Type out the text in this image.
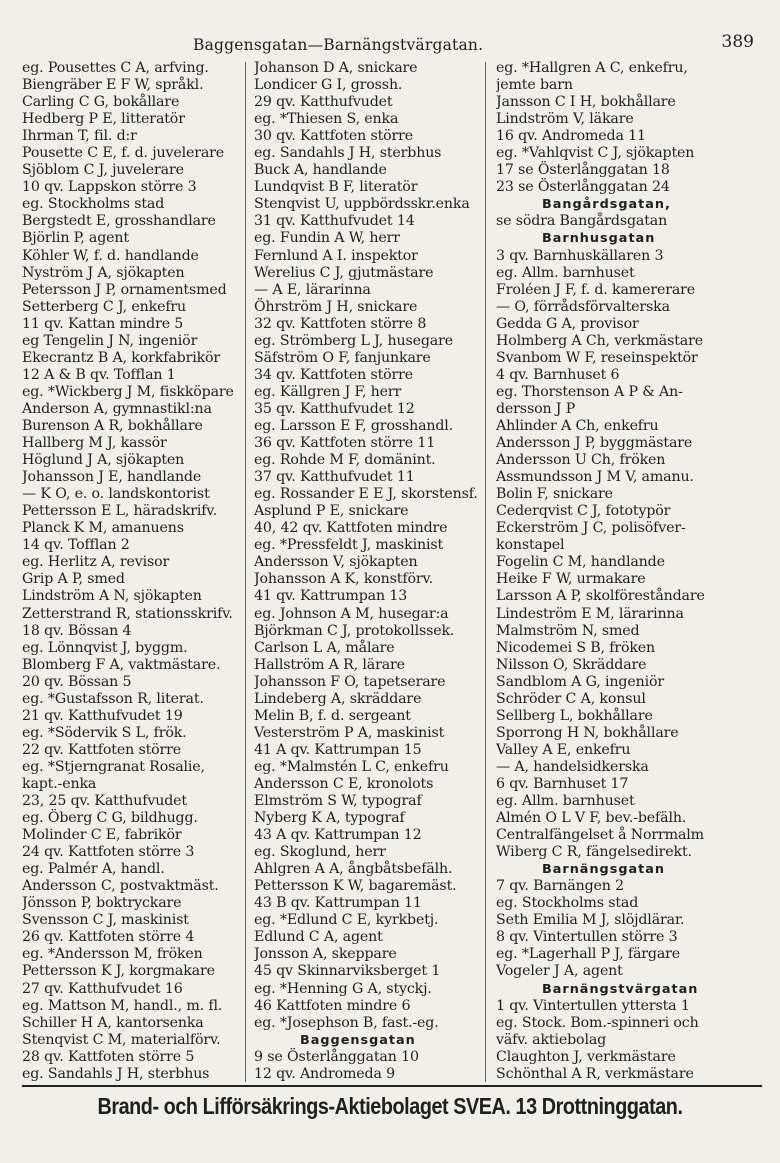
Baggensgatan—Barnängstvärgatan.	389
eg. Pousettes C A, arfving.
Biengräber E F W, språkl.
Carling C G, bokållare
Hedberg P E, litteratör
Ihrman T, fil. d:r
Pousette C E, f. d. juvelerare
Sjöblom C J, juvelerare
10 qv. Lappskon större 3
eg. Stockholms stad
Bergstedt E, grosshandlare
Björlin P, agent
Köhler W, f. d. handlande
Nyström J A, sjökapten
Petersson J P, ornamentsmed
Setterberg C J, enkefru
11 qv. Kattan mindre 5
eg Tengelin J N, ingeniör
Ekecrantz B A, korkfabrikör
12 A & B qv. Tofflan 1
eg. *Wickberg J M, fiskköpare
Anderson A, gymnastikl:na
Burenson A R, bokhållare
Hallberg M J, kassör
Höglund J A, sjökapten
Johansson J E, handlande
— K O, e. o. landskontorist
Pettersson E L, häradskrifv.
Planck K M, amanuens
14 qv. Tofflan 2
eg. Herlitz A, revisor
Grip A P, smed
Lindström A N, sjökapten
Zetterstrand R, stationsskrifv.
18 qv. Bössan 4
eg. Lönnqvist J, byggm.
Blomberg F A, vaktmästare.
20 qv. Bössan 5
eg. *Gustafsson R, literat.
21 qv. Katthufvudet 19
eg. *Södervik S L, frök.
22 qv. Kattfoten större
eg. *Stjerngranat Rosalie,
kapt.-enka
23, 25 qv. Katthufvudet
eg. Öberg C G, bildhugg.
Molinder C E, fabrikör
24 qv. Kattfoten större 3
eg. Palmér A, handl.
Andersson C, postvaktmäst.
Jönsson P, boktryckare
Svensson C J, maskinist
26 qv. Kattfoten större 4
eg. *Andersson M, fröken
Pettersson K J, korgmakare
27 qv. Katthufvudet 16
eg. Mattson M, handl., m. fl.
Schiller H A, kantorsenka
Stenqvist C M, materialförv.
28 qv. Kattfoten större 5
eg. Sandahls J H, sterbhus
Johanson D A, snickare
Londicer G I, grossh.
29 qv. Katthufvudet
eg. *Thiesen S, enka
30 qv. Kattfoten större
eg. Sandahls J H, sterbhus
Buck A, handlande
Lundqvist B F, literatör
Stenqvist U, uppbördsskr.enka
31 qv. Katthufvudet 14
eg. Fundin A W, herr
Fernlund A I. inspektor
Werelius C J, gjutmästare
— A E, lärarinna
Öhrström J H, snickare
32 qv. Kattfoten större 8
eg. Strömberg L J, husegare
Säfström O F, fanjunkare
34 qv. Kattfoten större
eg. Källgren J F, herr
35 qv. Katthufvudet 12
eg. Larsson E F, grosshandl.
36 qv. Kattfoten större 11
eg. Rohde M F, domänint.
37 qv. Katthufvudet 11
eg. Rossander E E J, skorstensf.
Asplund P E, snickare
40, 42 qv. Kattfoten mindre
eg. *Pressfeldt J, maskinist
Andersson V, sjökapten
Johansson A K, konstförv.
41 qv. Kattrumpan 13
eg. Johnson A M, husegar:a
Björkman C J, protokollssek.
Carlson L A, målare
Hallström A R, lärare
Johansson F O, tapetserare
Lindeberg A, skräddare
Melin B, f. d. sergeant
Vesterström P A, maskinist
41 A qv. Kattrumpan 15
eg. *Malmstén L C, enkefru
Andersson C E, kronolots
Elmström S W, typograf
Nyberg K A, typograf
43 A qv. Kattrumpan 12
eg. Skoglund, herr
Ahlgren A A, ångbåtsbefälh.
Pettersson K W, bagaremäst.
43 B qv. Kattrumpan 11
eg. *Edlund C E, kyrkbetj.
Edlund C A, agent
Jonsson A, skeppare
45 qv Skinnarviksberget 1
eg. *Henning G A, styckj.
46 Kattfoten mindre 6
eg. *Josephson B, fast.-eg.
Baggensgatan
9 se Österlånggatan 10
12 qv. Andromeda 9
eg. *Hallgren A C, enkefru,
jemte barn
Jansson C I H, bokhållare
Lindström V, läkare
16 qv. Andromeda 11
eg. *Vahlqvist C J, sjökapten
17 se Österlånggatan 18
23 se Österlånggatan 24
Bangårdsgatan,
se södra Bangårdsgatan
Barnhusgatan
3 qv. Barnhuskällaren 3
eg. Allm. barnhuset
Froléen J F, f. d. kamererare
— O, förrådsförvalterska
Gedda G A, provisor
Holmberg A Ch, verkmästare
Svanbom W F, reseinspektör
4 qv. Barnhuset 6
eg. Thorstenson A P & An-
dersson J P
Ahlinder A Ch, enkefru
Andersson J P, byggmästare
Andersson U Ch, fröken
Assmundsson J M V, amanu.
Bolin F, snickare
Cederqvist C J, fototypör
Eckerström J C, polisöfver-
konstapel
Fogelin C M, handlande
Heike F W, urmakare
Larsson A P, skolföreståndare
Lindeström E M, lärarinna
Malmström N, smed
Nicodemei S B, fröken
Nilsson O, Skräddare
Sandblom A G, ingeniör
Schröder C A, konsul
Sellberg L, bokhållare
Sporrong H N, bokhållare
Valley A E, enkefru
— A, handelsidkerska
6 qv. Barnhuset 17
eg. Allm. barnhuset
Almén O L V F, bev.-befälh.
Centralfängelset å Norrmalm
Wiberg C R, fängelsedirekt.
Barnängsgatan
7 qv. Barnängen 2
eg. Stockholms stad
Seth Emilia M J, slöjdlärar.
8 qv. Vintertullen större 3
eg. *Lagerhall P J, färgare
Vogeler J A, agent
Barnängstvärgatan
1 qv. Vintertullen yttersta 1
eg. Stock. Bom.-spinneri och
väfv. aktiebolag
Claughton J, verkmästare
Schönthal A R, verkmästare
Brand- och Lifförsäkrings-Aktiebolaget SVEA. 13 Drottninggatan.
